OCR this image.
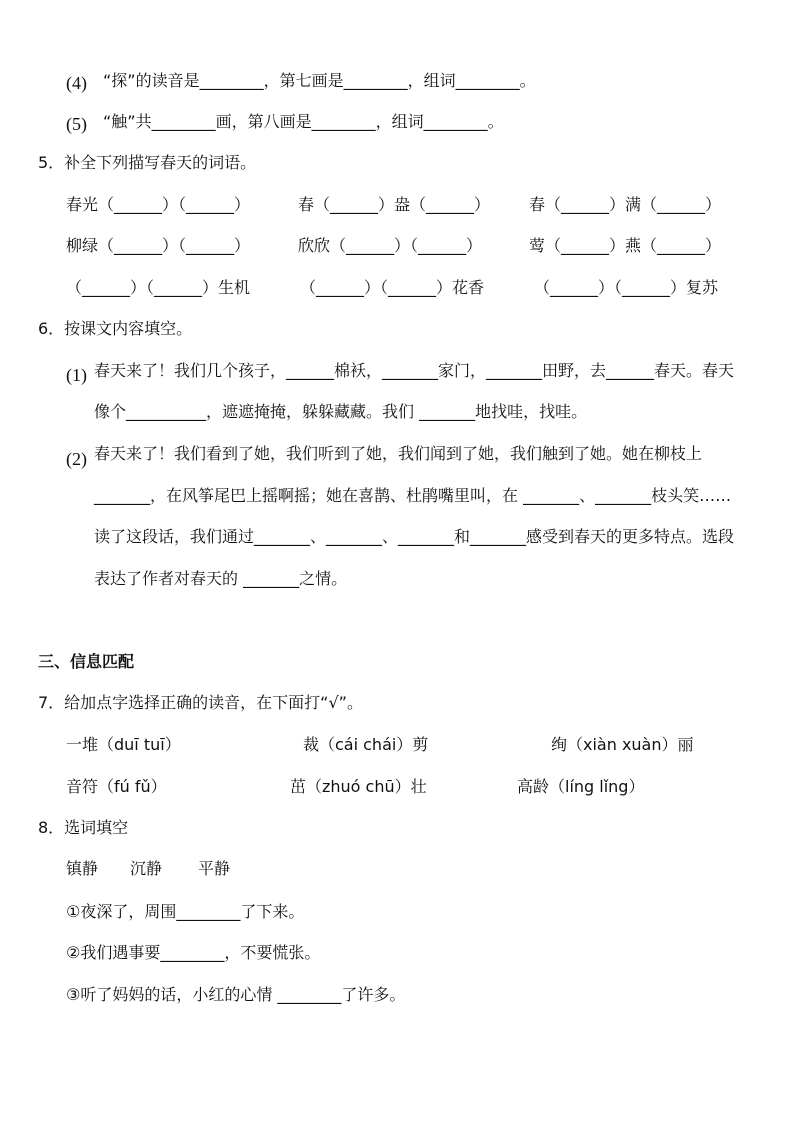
(4) “探”的读音是________，第七画是________，组词________。
(5) “触”共________画，第八画是________，组词________。
5．补全下列描写春天的词语。
春光（______）（______）	春（______）盎（______） 春（______）满（______）
柳绿（______）（______）	欣欣（______）（______）	莺（______）燕（______）
（______）（______）生机	（______）（______）花香	（______）（______）复苏
6．按课文内容填空。
(1) 春天来了！我们几个孩子，______棉袄，_______家门，_______田野，去______春天。春天
像个__________，遮遮掩掩，躲躲藏藏。我们 _______地找哇，找哇。
(2) 春天来了！我们看到了她，我们听到了她，我们闻到了她，我们触到了她。她在柳枝上
_______，在风筝尾巴上摇啊摇；她在喜鹊、杜鹃嘴里叫，在 _______、_______枝头笑……
读了这段话，我们通过_______、_______、_______和_______感受到春天的更多特点。选段
表达了作者对春天的 _______之情。
三、信息匹配
7．给加点字选择正确的读音，在下面打“√”。
一堆（duī tuī）	裁（cái chái）剪	绚（xiàn xuàn）丽
音符（fú fǔ）	茁（zhuó chū）壮	高龄（líng lǐng）
8．选词填空
镇静 沉静 平静
①夜深了，周围________了下来。
②我们遇事要________，不要慌张。
③听了妈妈的话，小红的心情 ________了许多。
